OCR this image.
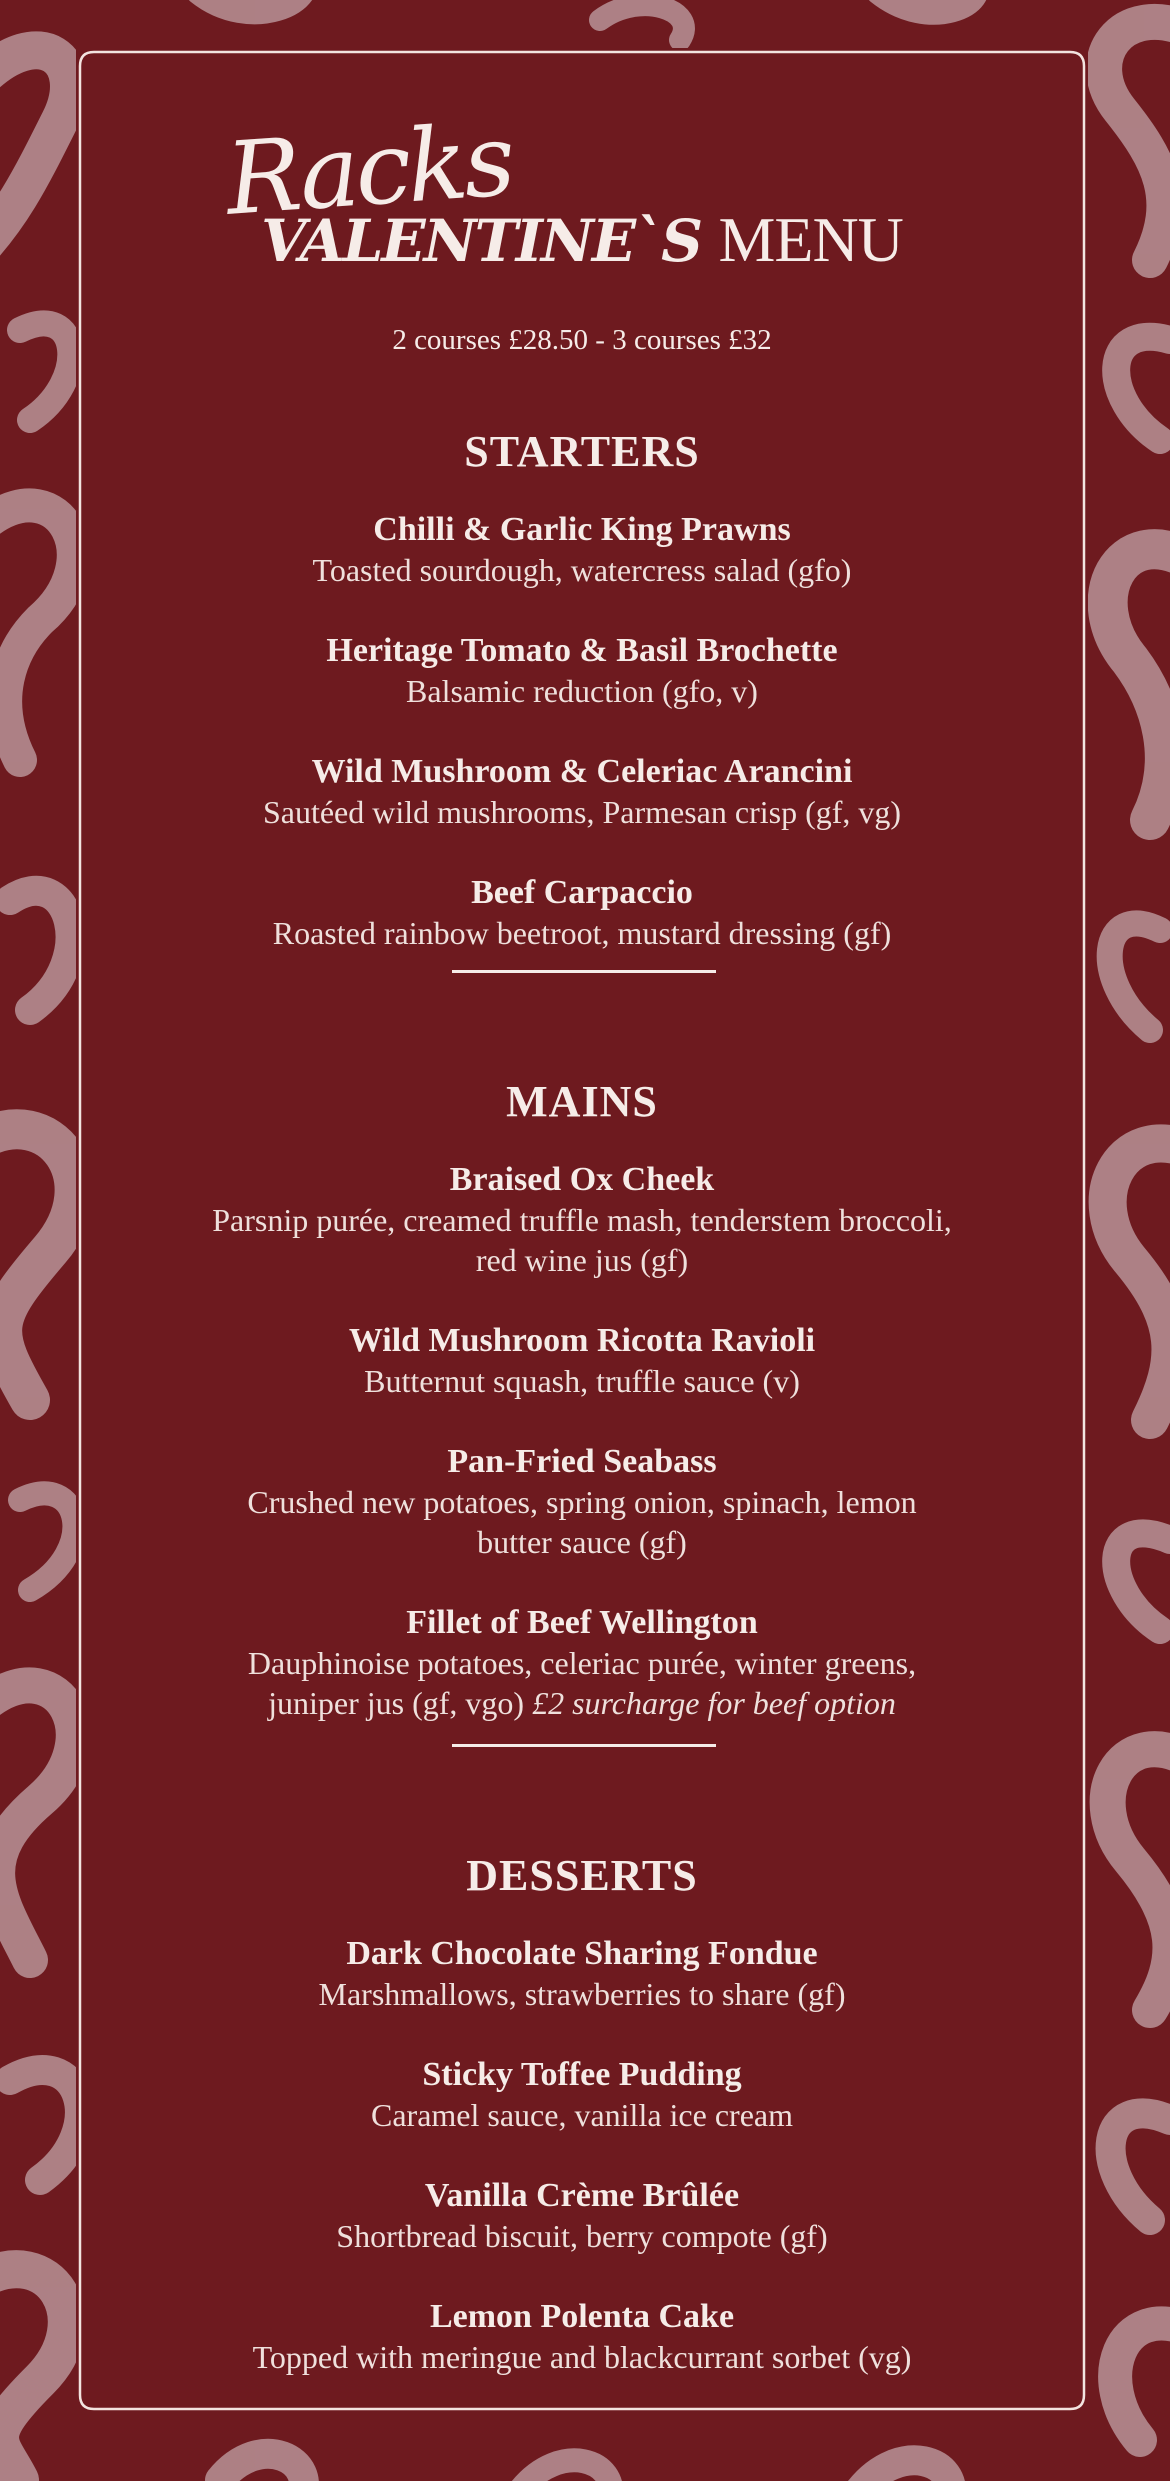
Racks
VALENTINE`S MENU
2 courses £28.50 - 3 courses £32
STARTERS
Chilli & Garlic King Prawns
Toasted sourdough, watercress salad (gfo)
Heritage Tomato & Basil Brochette
Balsamic reduction (gfo, v)
Wild Mushroom & Celeriac Arancini
Sautéed wild mushrooms, Parmesan crisp (gf, vg)
Beef Carpaccio
Roasted rainbow beetroot, mustard dressing (gf)
MAINS
Braised Ox Cheek
Parsnip purée, creamed truffle mash, tenderstem broccoli,
red wine jus (gf)
Wild Mushroom Ricotta Ravioli
Butternut squash, truffle sauce (v)
Pan-Fried Seabass
Crushed new potatoes, spring onion, spinach, lemon
butter sauce (gf)
Fillet of Beef Wellington
Dauphinoise potatoes, celeriac purée, winter greens,
juniper jus (gf, vgo) £2 surcharge for beef option
DESSERTS
Dark Chocolate Sharing Fondue
Marshmallows, strawberries to share (gf)
Sticky Toffee Pudding
Caramel sauce, vanilla ice cream
Vanilla Crème Brûlée
Shortbread biscuit, berry compote (gf)
Lemon Polenta Cake
Topped with meringue and blackcurrant sorbet (vg)
